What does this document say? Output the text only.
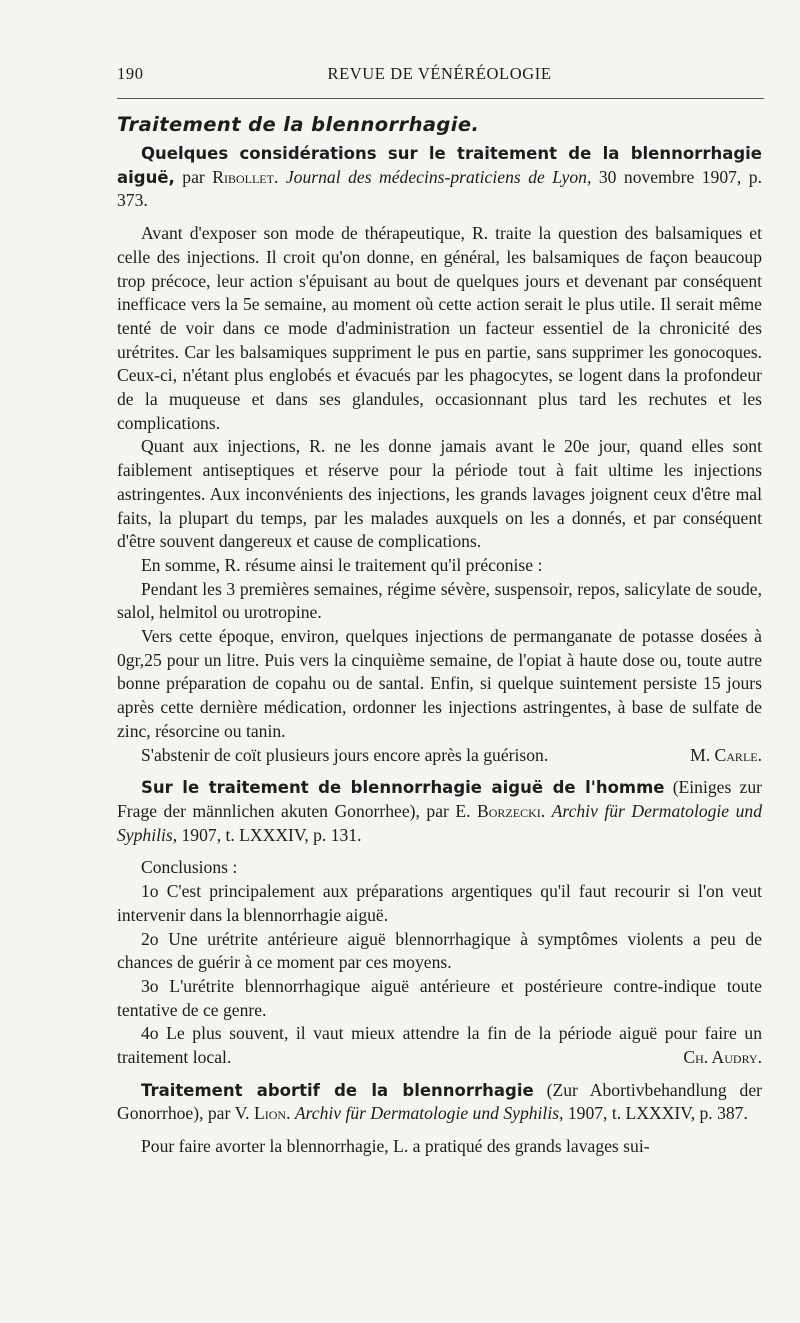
190	REVUE DE VÉNÉRÉOLOGIE
Traitement de la blennorrhagie.

Quelques considérations sur le traitement de la blennorrhagie aiguë, par Ribollet. Journal des médecins-praticiens de Lyon, 30 novembre 1907, p. 373.

Avant d'exposer son mode de thérapeutique, R. traite la question des balsamiques et celle des injections. Il croit qu'on donne, en général, les balsamiques de façon beaucoup trop précoce, leur action s'épuisant au bout de quelques jours et devenant par conséquent inefficace vers la 5e semaine, au moment où cette action serait le plus utile. Il serait même tenté de voir dans ce mode d'administration un facteur essentiel de la chronicité des urétrites. Car les balsamiques suppriment le pus en partie, sans supprimer les gonocoques. Ceux-ci, n'étant plus englobés et évacués par les phagocytes, se logent dans la profondeur de la muqueuse et dans ses glandules, occasionnant plus tard les rechutes et les complications.

Quant aux injections, R. ne les donne jamais avant le 20e jour, quand elles sont faiblement antiseptiques et réserve pour la période tout à fait ultime les injections astringentes. Aux inconvénients des injections, les grands lavages joignent ceux d'être mal faits, la plupart du temps, par les malades auxquels on les a donnés, et par conséquent d'être souvent dangereux et cause de complications.

En somme, R. résume ainsi le traitement qu'il préconise :

Pendant les 3 premières semaines, régime sévère, suspensoir, repos, salicylate de soude, salol, helmitol ou urotropine.

Vers cette époque, environ, quelques injections de permanganate de potasse dosées à 0gr,25 pour un litre. Puis vers la cinquième semaine, de l'opiat à haute dose ou, toute autre bonne préparation de copahu ou de santal. Enfin, si quelque suintement persiste 15 jours après cette dernière médication, ordonner les injections astringentes, à base de sulfate de zinc, résorcine ou tanin.

S'abstenir de coït plusieurs jours encore après la guérison.	M. Carle.

Sur le traitement de blennorrhagie aiguë de l'homme (Einiges zur Frage der männlichen akuten Gonorrhee), par E. Borzecki. Archiv für Dermatologie und Syphilis, 1907, t. LXXXIV, p. 131.

Conclusions :

1o C'est principalement aux préparations argentiques qu'il faut recourir si l'on veut intervenir dans la blennorrhagie aiguë.

2o Une urétrite antérieure aiguë blennorrhagique à symptômes violents a peu de chances de guérir à ce moment par ces moyens.

3o L'urétrite blennorrhagique aiguë antérieure et postérieure contre-indique toute tentative de ce genre.

4o Le plus souvent, il vaut mieux attendre la fin de la période aiguë pour faire un traitement local.	Ch. Audry.

Traitement abortif de la blennorrhagie (Zur Abortivbehandlung der Gonorrhoe), par V. Lion. Archiv für Dermatologie und Syphilis, 1907, t. LXXXIV, p. 387.

Pour faire avorter la blennorrhagie, L. a pratiqué des grands lavages sui-
